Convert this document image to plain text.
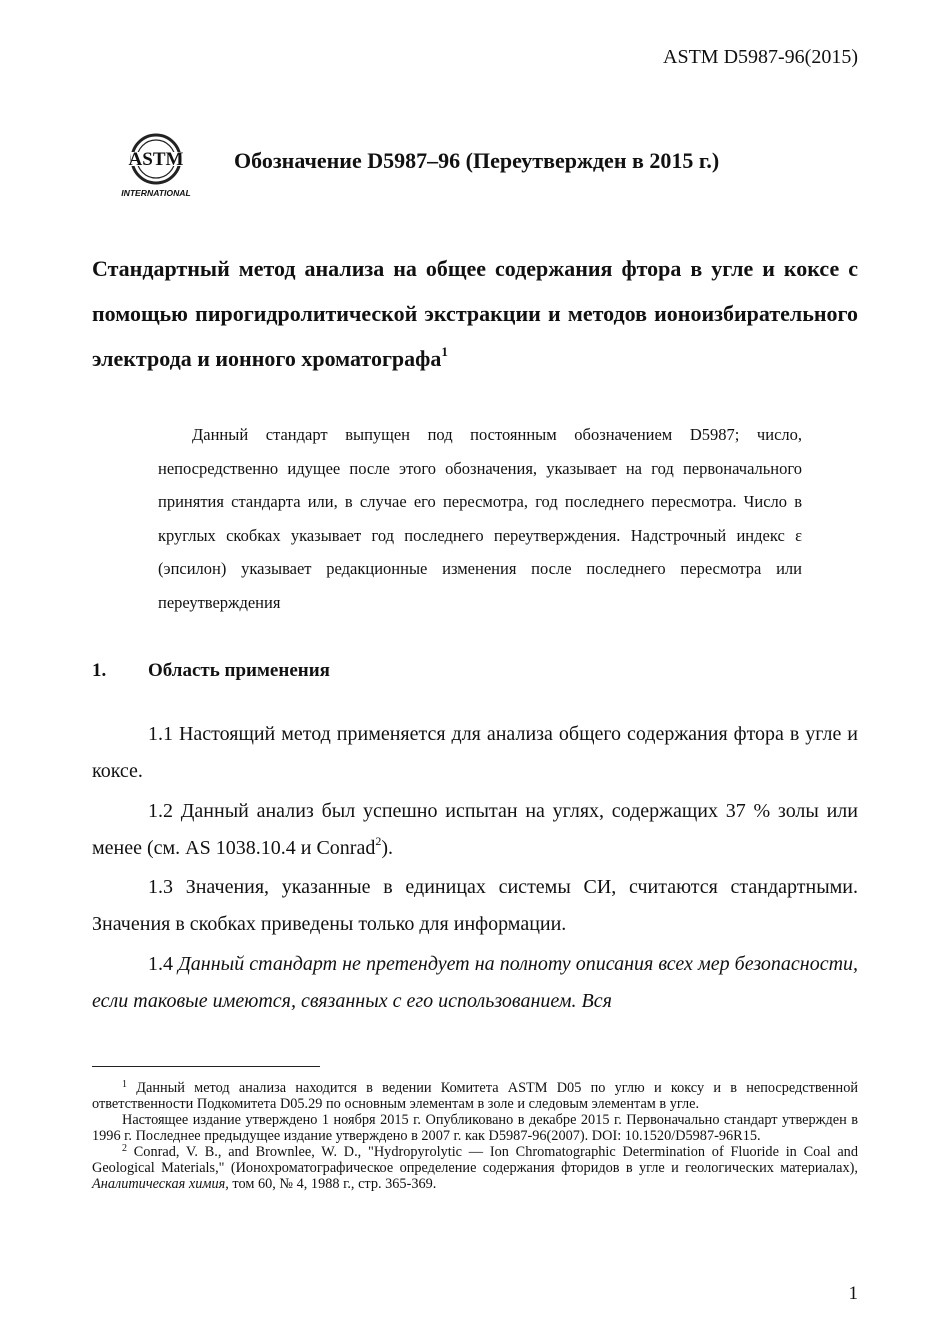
ASTM D5987-96(2015)
ASTM
INTERNATIONAL
Обозначение D5987–96 (Переутвержден в 2015 г.)
Стандартный метод анализа на общее содержания фтора в угле и коксе с помощью пирогидролитической экстракции и методов ионоизбирательного электрода и ионного хроматографа$^1$

Данный стандарт выпущен под постоянным обозначением D5987; число, непосредственно идущее после этого обозначения, указывает на год первоначального принятия стандарта или, в случае его пересмотра, год последнего пересмотра. Число в круглых скобках указывает год последнего переутверждения. Надстрочный индекс ε (эпсилон) указывает редакционные изменения после последнего пересмотра или переутверждения

1. Область применения

1.1 Настоящий метод применяется для анализа общего содержания фтора в угле и коксе.

1.2 Данный анализ был успешно испытан на углях, содержащих 37 % золы или менее (см. AS 1038.10.4 и Conrad$^2$).

1.3 Значения, указанные в единицах системы СИ, считаются стандартными. Значения в скобках приведены только для информации.

1.4 Данный стандарт не претендует на полноту описания всех мер безопасности, если таковые имеются, связанных с его использованием. Вся

$^1$ Данный метод анализа находится в ведении Комитета ASTM D05 по углю и коксу и в непосредственной ответственности Подкомитета D05.29 по основным элементам в золе и следовым элементам в угле.

Настоящее издание утверждено 1 ноября 2015 г. Опубликовано в декабре 2015 г. Первоначально стандарт утвержден в 1996 г. Последнее предыдущее издание утверждено в 2007 г. как D5987-96(2007). DOI: 10.1520/D5987-96R15.

$^2$ Conrad, V. B., and Brownlee, W. D., "Hydropyrolytic — Ion Chromatographic Determination of Fluoride in Coal and Geological Materials," (Ионохроматографическое определение содержания фторидов в угле и геологических материалах), Аналитическая химия, том 60, № 4, 1988 г., стр. 365-369.

1
